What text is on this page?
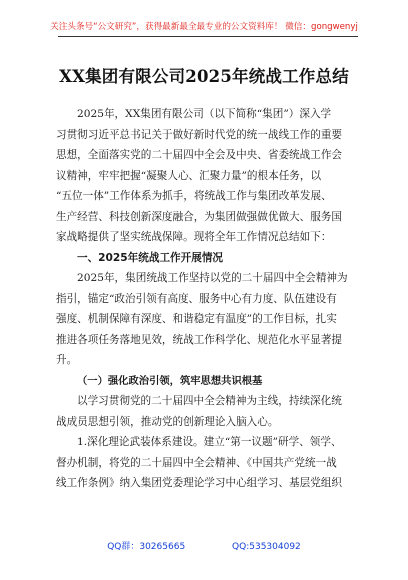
关注头条号“公文研究”，获得最新最全最专业的公文资料库！ 微信：gongwenyj
XX集团有限公司2025年统战工作总结
2025年，XX集团有限公司（以下简称“集团”）深入学
习贯彻习近平总书记关于做好新时代党的统一战线工作的重要
思想，全面落实党的二十届四中全会及中央、省委统战工作会
议精神，牢牢把握“凝聚人心、汇聚力量”的根本任务，以
“五位一体”工作体系为抓手，将统战工作与集团改革发展、
生产经营、科技创新深度融合，为集团做强做优做大、服务国
家战略提供了坚实统战保障。现将全年工作情况总结如下：
一、2025年统战工作开展情况
2025年，集团统战工作坚持以党的二十届四中全会精神为
指引，锚定“政治引领有高度、服务中心有力度、队伍建设有
强度、机制保障有深度、和谐稳定有温度”的工作目标，扎实
推进各项任务落地见效，统战工作科学化、规范化水平显著提
升。
（一）强化政治引领，筑牢思想共识根基
以学习贯彻党的二十届四中全会精神为主线，持续深化统
战成员思想引领，推动党的创新理论入脑入心。
1.深化理论武装体系建设。建立“第一议题”研学、领学、
督办机制，将党的二十届四中全会精神、《中国共产党统一战
线工作条例》纳入集团党委理论学习中心组学习、基层党组织
QQ群：30265665	QQ:535304092
